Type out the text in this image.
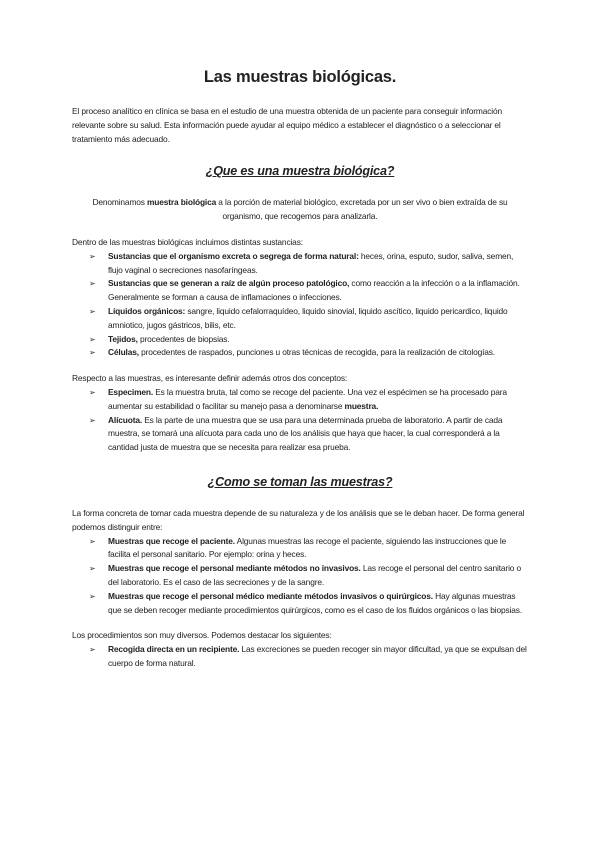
Las muestras biológicas.

El proceso analítico en clínica se basa en el estudio de una muestra obtenida de un paciente para conseguir información relevante sobre su salud. Esta información puede ayudar al equipo médico a establecer el diagnóstico o a seleccionar el tratamiento más adecuado.

¿Que es una muestra biológica?

Denominamos muestra biológica a la porción de material biológico, excretada por un ser vivo o bien extraída de su organismo, que recogemos para analizarla.

Dentro de las muestras biológicas incluimos distintas sustancias:

➢ Sustancias que el organismo excreta o segrega de forma natural: heces, orina, esputo, sudor, saliva, semen, flujo vaginal o secreciones nasofaríngeas.
➢ Sustancias que se generan a raíz de algún proceso patológico, como reacción a la infección o a la inflamación. Generalmente se forman a causa de inflamaciones o infecciones.
➢ Líquidos orgánicos: sangre, liquido cefalorraquídeo, liquido sinovial, liquido ascítico, liquido pericardico, liquido amniotico, jugos gástricos, bilis, etc.
➢ Tejidos, procedentes de biopsias.
➢ Células, procedentes de raspados, punciones u otras técnicas de recogida, para la realización de citologías.

Respecto a las muestras, es interesante definir además otros dos conceptos:

➢ Especimen. Es la muestra bruta, tal como se recoge del paciente. Una vez el espécimen se ha procesado para aumentar su estabilidad o facilitar su manejo pasa a denominarse muestra.
➢ Alícuota. Es la parte de una muestra que se usa para una determinada prueba de laboratorio. A partir de cada muestra, se tomará una alícuota para cada uno de los análisis que haya que hacer, la cual corresponderá a la cantidad justa de muestra que se necesita para realizar esa prueba.
¿Como se toman las muestras?

La forma concreta de tomar cada muestra depende de su naturaleza y de los análisis que se le deban hacer. De forma general podemos distinguir entre:

➢ Muestras que recoge el paciente. Algunas muestras las recoge el paciente, siguiendo las instrucciones que le facilita el personal sanitario. Por ejemplo: orina y heces.
➢ Muestras que recoge el personal mediante métodos no invasivos. Las recoge el personal del centro sanitario o del laboratorio. Es el caso de las secreciones y de la sangre.
➢ Muestras que recoge el personal médico mediante métodos invasivos o quirúrgicos. Hay algunas muestras que se deben recoger mediante procedimientos quirúrgicos, como es el caso de los fluidos orgánicos o las biopsias.

Los procedimientos son muy diversos. Podemos destacar los siguientes:

➢ Recogida directa en un recipiente. Las excreciones se pueden recoger sin mayor dificultad, ya que se expulsan del cuerpo de forma natural.
